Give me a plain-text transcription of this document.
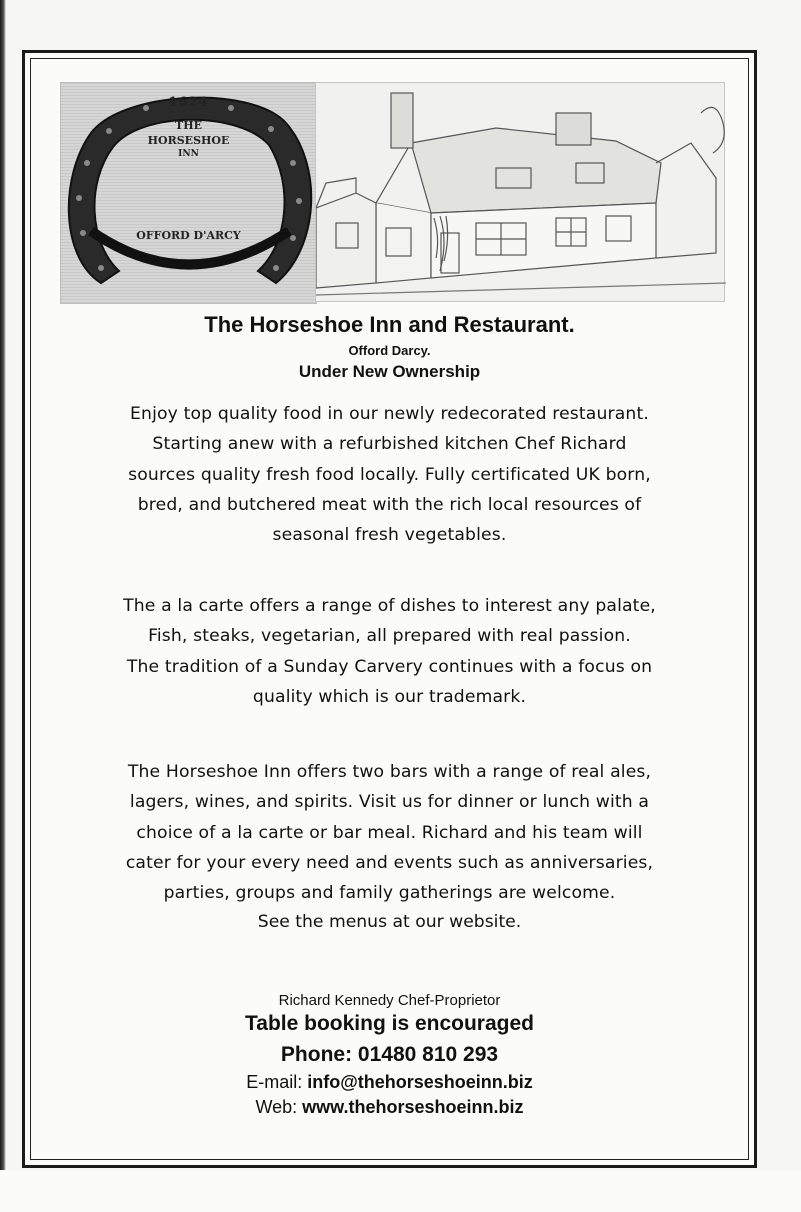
1624
THE
HORSESHOE
INN
OFFORD D'ARCY
The Horseshoe Inn and Restaurant.
Offord Darcy.
Under New Ownership
Enjoy top quality food in our newly redecorated restaurant.
Starting anew with a refurbished kitchen Chef Richard
sources quality fresh food locally. Fully certificated UK born,
bred, and butchered meat with the rich local resources of
seasonal fresh vegetables.
The a la carte offers a range of dishes to interest any palate,
Fish, steaks, vegetarian, all prepared with real passion.
The tradition of a Sunday Carvery continues with a focus on
quality which is our trademark.
The Horseshoe Inn offers two bars with a range of real ales,
lagers, wines, and spirits. Visit us for dinner or lunch with a
choice of a la carte or bar meal. Richard and his team will
cater for your every need and events such as anniversaries,
parties, groups and family gatherings are welcome.
See the menus at our website.
Richard Kennedy Chef-Proprietor
Table booking is encouraged
Phone: 01480 810 293
E-mail: info@thehorseshoeinn.biz
Web: www.thehorseshoeinn.biz
